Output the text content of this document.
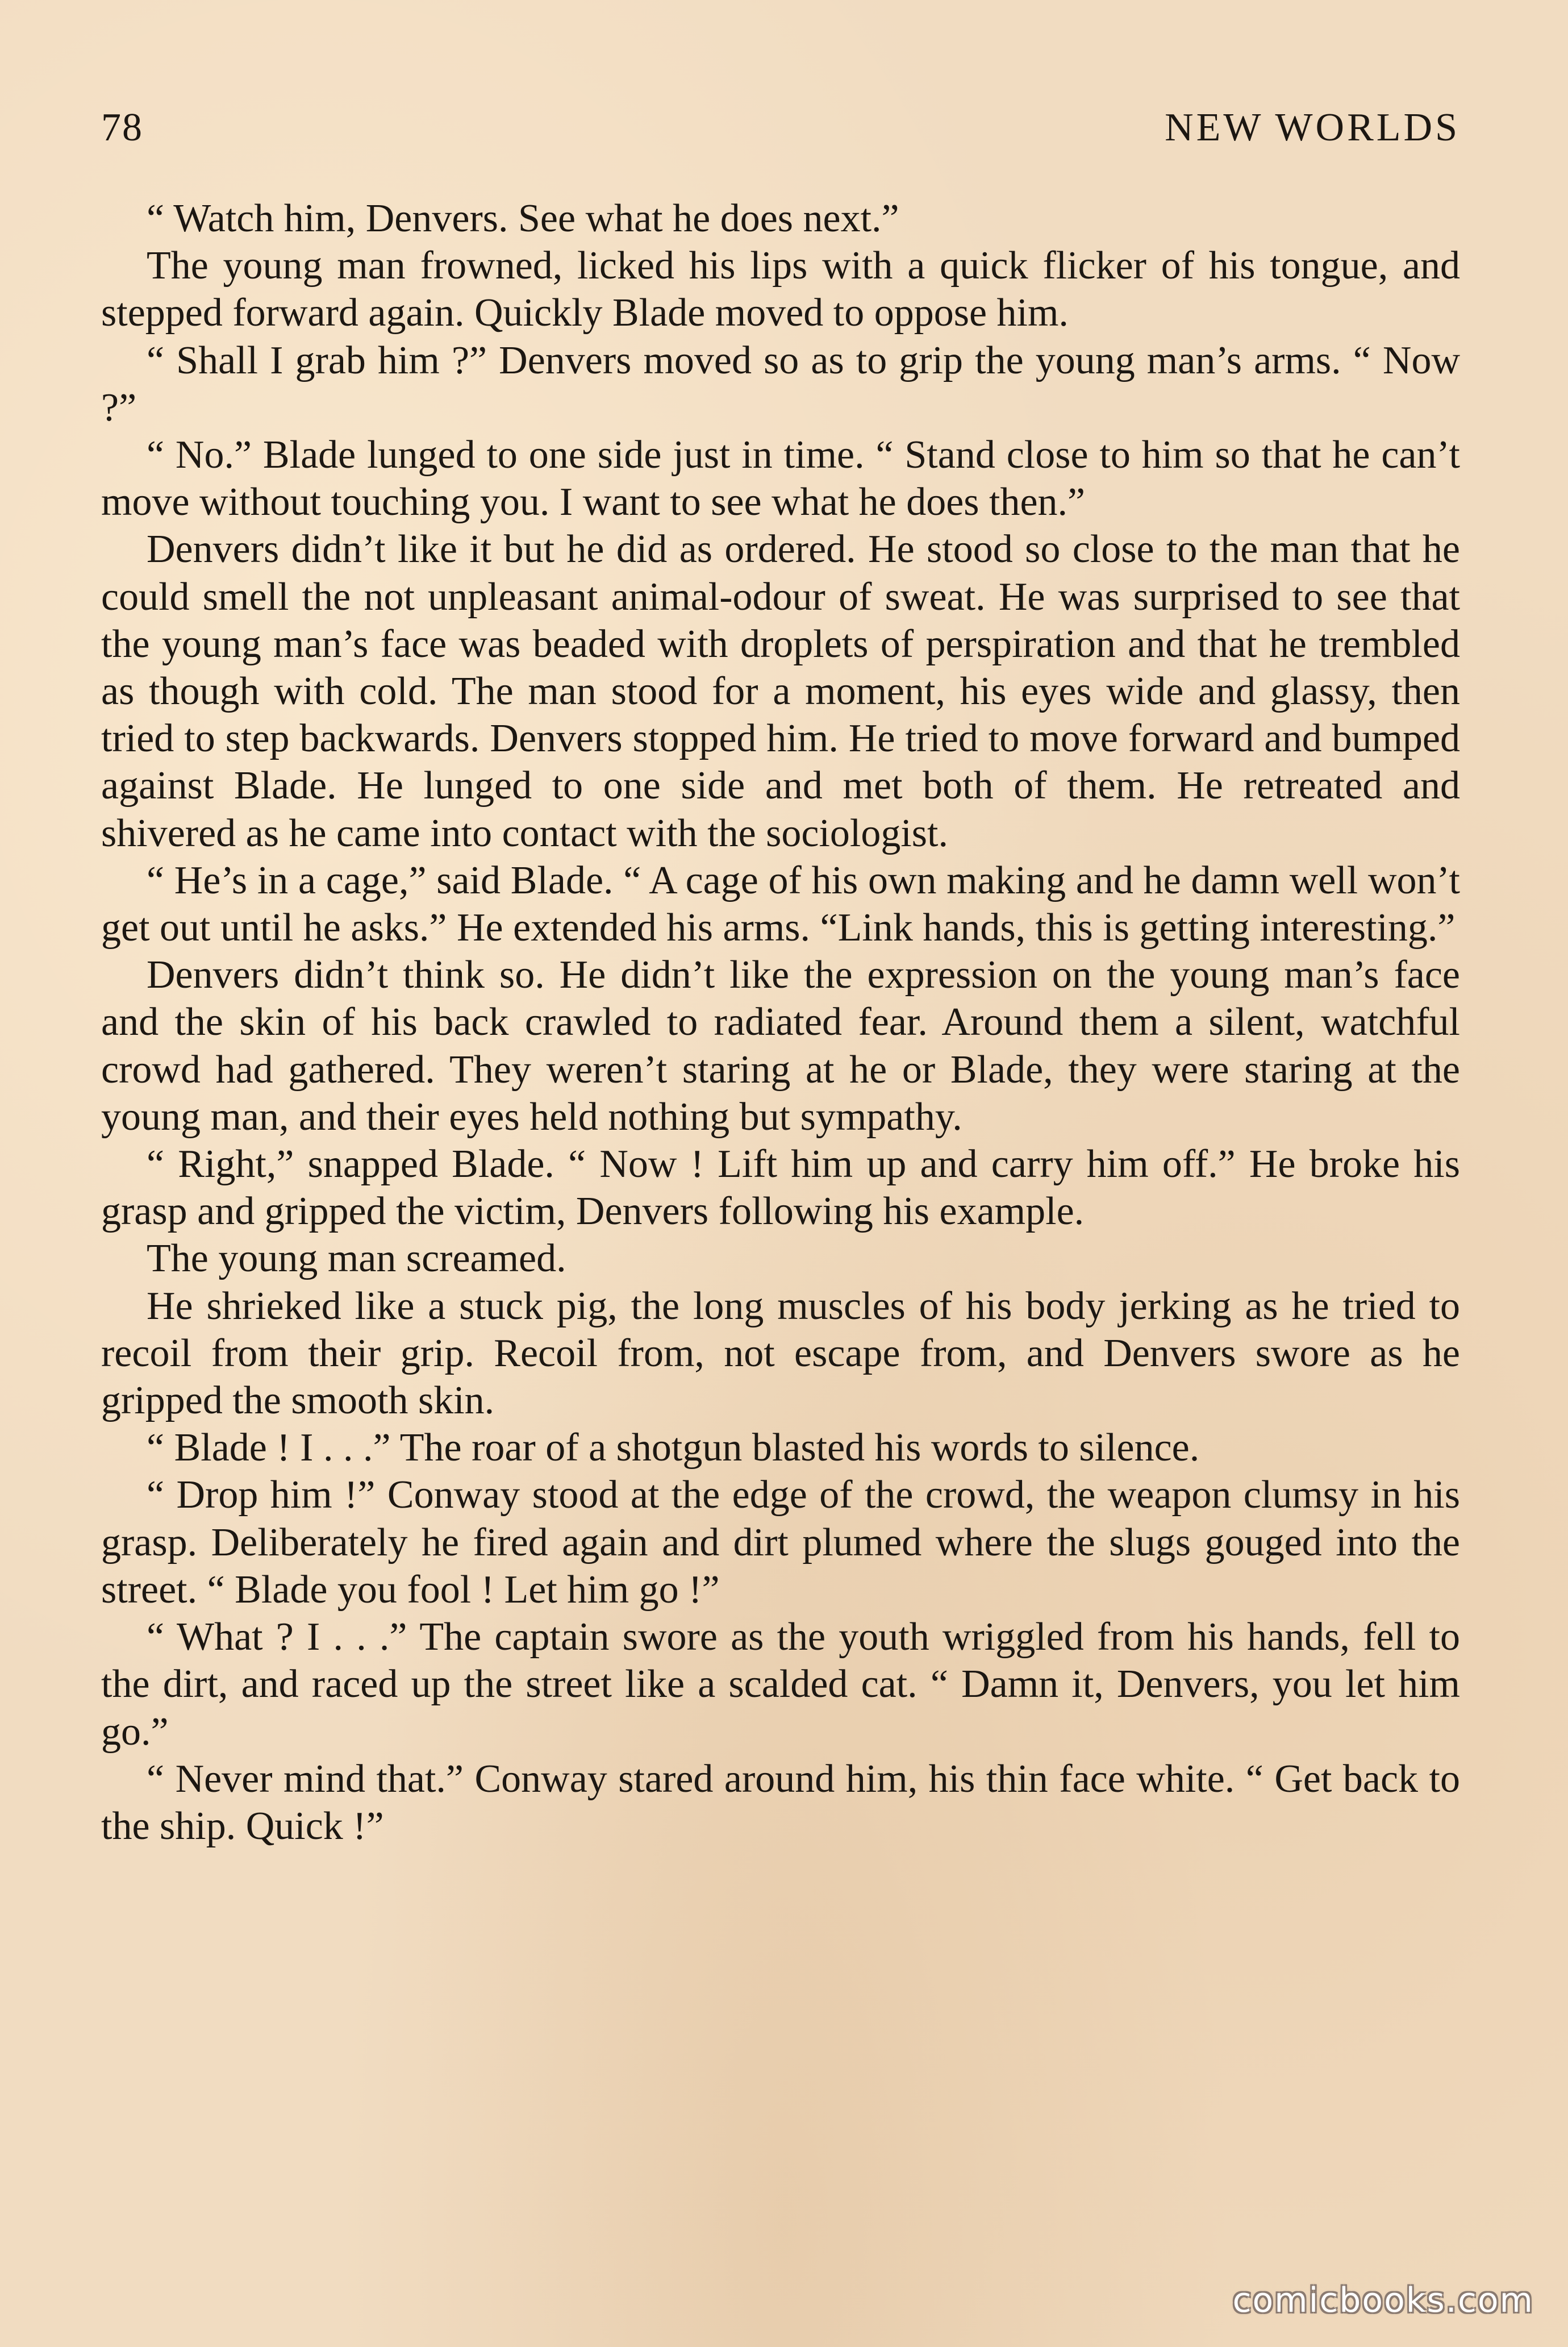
78	NEW WORLDS

“ Watch him, Denvers. See what he does next.”

The young man frowned, licked his lips with a quick flicker of his tongue, and stepped forward again. Quickly Blade moved to oppose him.

“ Shall I grab him ?” Denvers moved so as to grip the young man’s arms. “ Now ?”

“ No.” Blade lunged to one side just in time. “ Stand close to him so that he can’t move without touching you. I want to see what he does then.”

Denvers didn’t like it but he did as ordered. He stood so close to the man that he could smell the not unpleasant animal-odour of sweat. He was surprised to see that the young man’s face was beaded with droplets of perspiration and that he trembled as though with cold. The man stood for a moment, his eyes wide and glassy, then tried to step backwards. Denvers stopped him. He tried to move forward and bumped against Blade. He lunged to one side and met both of them. He retreated and shivered as he came into contact with the sociologist.

“ He’s in a cage,” said Blade. “ A cage of his own making and he damn well won’t get out until he asks.” He extended his arms. “Link hands, this is getting interesting.”

Denvers didn’t think so. He didn’t like the expression on the young man’s face and the skin of his back crawled to radiated fear. Around them a silent, watchful crowd had gathered. They weren’t staring at he or Blade, they were staring at the young man, and their eyes held nothing but sympathy.

“ Right,” snapped Blade. “ Now ! Lift him up and carry him off.” He broke his grasp and gripped the victim, Denvers following his example.

The young man screamed.

He shrieked like a stuck pig, the long muscles of his body jerking as he tried to recoil from their grip. Recoil from, not escape from, and Denvers swore as he gripped the smooth skin.

“ Blade ! I . . .” The roar of a shotgun blasted his words to silence.

“ Drop him !” Conway stood at the edge of the crowd, the weapon clumsy in his grasp. Deliberately he fired again and dirt plumed where the slugs gouged into the street. “ Blade you fool ! Let him go !”

“ What ? I . . .” The captain swore as the youth wriggled from his hands, fell to the dirt, and raced up the street like a scalded cat. “ Damn it, Denvers, you let him go.”

“ Never mind that.” Conway stared around him, his thin face white. “ Get back to the ship. Quick !”

comicbooks.com
